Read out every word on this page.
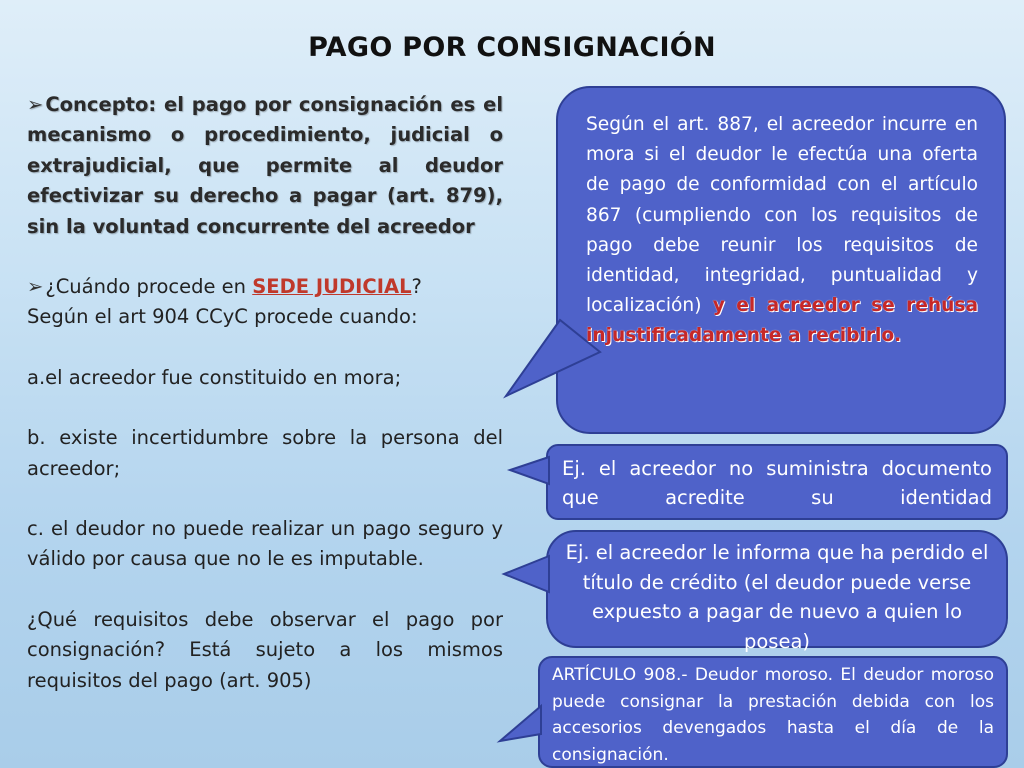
PAGO POR CONSIGNACIÓN

➢ Concepto: el pago por consignación es el mecanismo o procedimiento, judicial o extrajudicial, que permite al deudor efectivizar su derecho a pagar (art. 879), sin la voluntad concurrente del acreedor

➢ ¿Cuándo procede en SEDE JUDICIAL?
Según el art 904 CCyC procede cuando:

a.el acreedor fue constituido en mora;

b. existe incertidumbre sobre la persona del acreedor;

c. el deudor no puede realizar un pago seguro y válido por causa que no le es imputable.

¿Qué requisitos debe observar el pago por consignación? Está sujeto a los mismos requisitos del pago (art. 905)

Según el art. 887, el acreedor incurre en mora si el deudor le efectúa una oferta de pago de conformidad con el artículo 867 (cumpliendo con los requisitos de pago debe reunir los requisitos de identidad, integridad, puntualidad y localización) y el acreedor se rehúsa injustificadamente a recibirlo.
Ej. el acreedor no suministra documento que acredite su identidad
Ej. el acreedor le informa que ha perdido el título de crédito (el deudor puede verse expuesto a pagar de nuevo a quien lo posea)
ARTÍCULO 908.- Deudor moroso. El deudor moroso puede consignar la prestación debida con los accesorios devengados hasta el día de la consignación.
